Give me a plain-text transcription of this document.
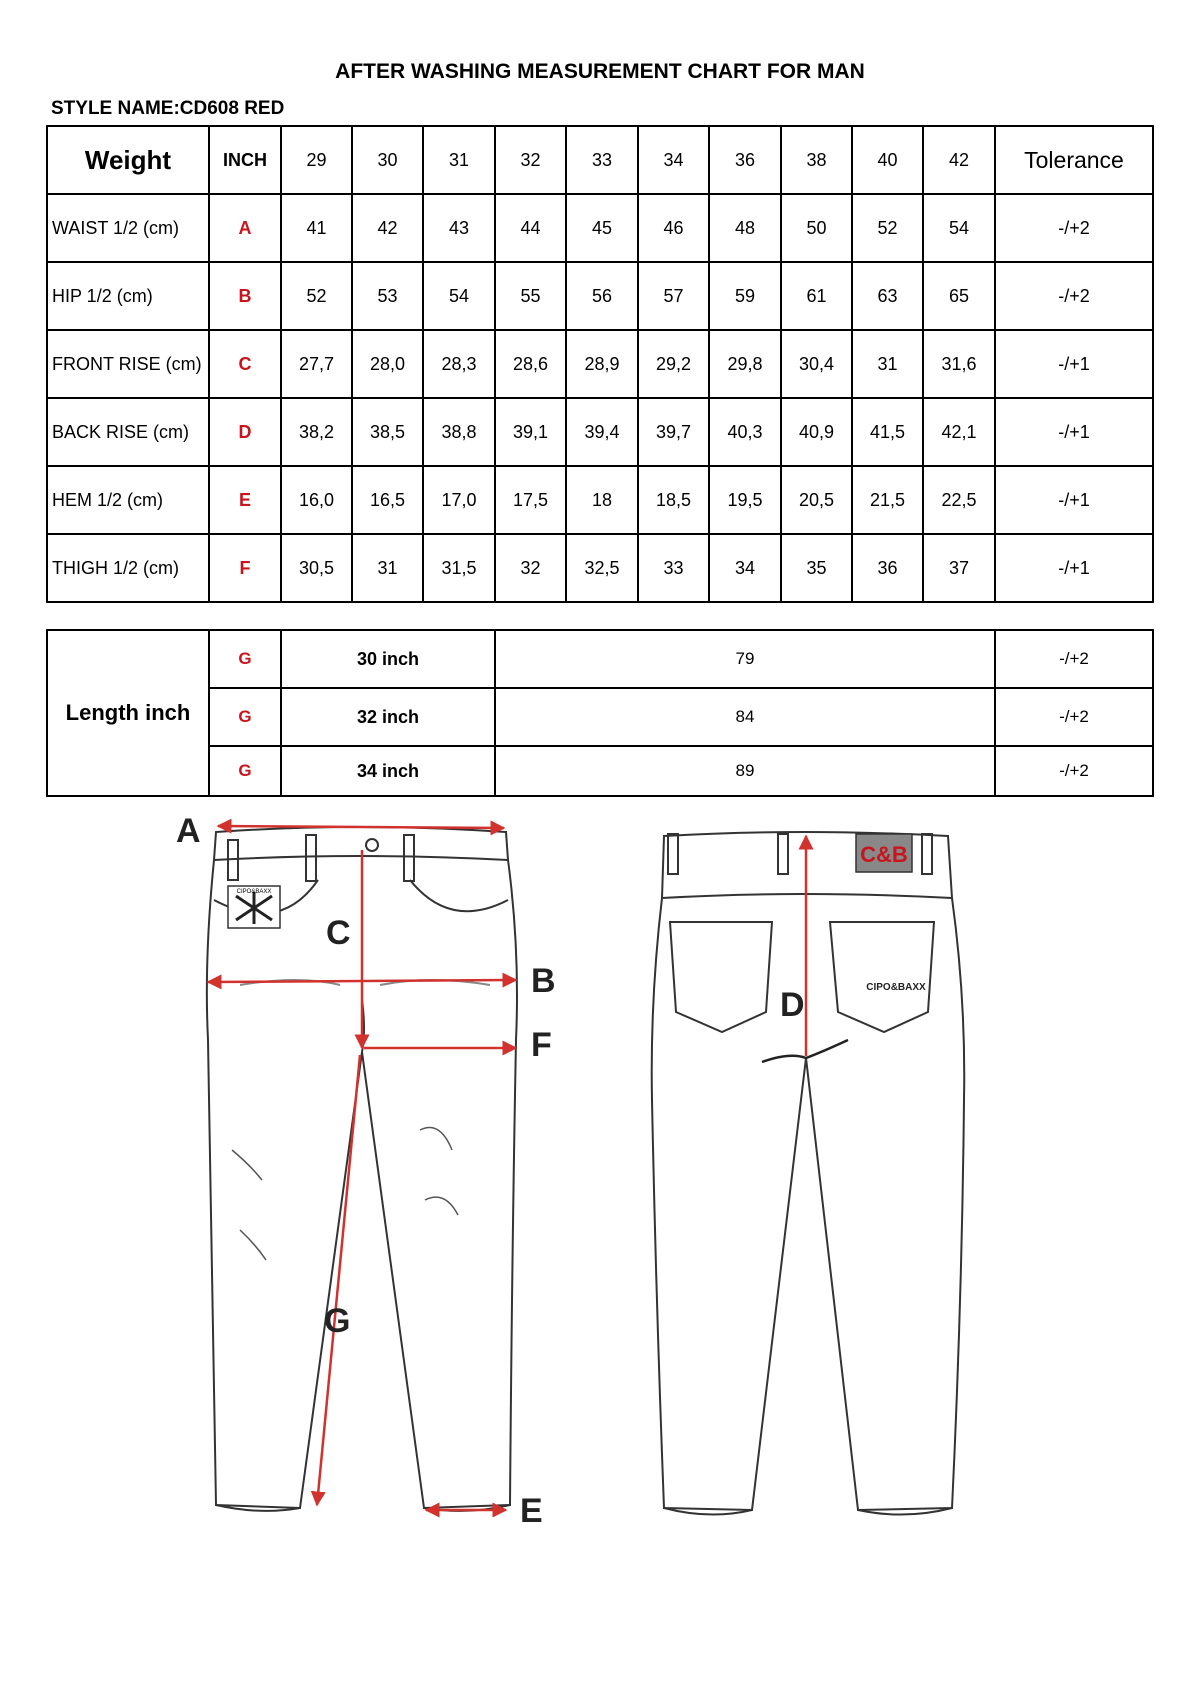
AFTER WASHING MEASUREMENT CHART FOR MAN
STYLE NAME:CD608 RED
Weight	INCH	29	30	31	32	33	34	36	38	40	42	Tolerance
WAIST 1/2 (cm)	A	41	42	43	44	45	46	48	50	52	54	-/+2
HIP 1/2 (cm)	B	52	53	54	55	56	57	59	61	63	65	-/+2
FRONT RISE (cm)	C	27,7	28,0	28,3	28,6	28,9	29,2	29,8	30,4	31	31,6	-/+1
BACK RISE (cm)	D	38,2	38,5	38,8	39,1	39,4	39,7	40,3	40,9	41,5	42,1	-/+1
HEM 1/2 (cm)	E	16,0	16,5	17,0	17,5	18	18,5	19,5	20,5	21,5	22,5	-/+1
THIGH 1/2 (cm)	F	30,5	31	31,5	32	32,5	33	34	35	36	37	-/+1
Length inch	G	30 inch	79	-/+2
	G	32 inch	84	-/+2
	G	34 inch	89	-/+2
CIPO&BAXX
A
C
B
F
G
E
C&B
CIPO&BAXX
D
